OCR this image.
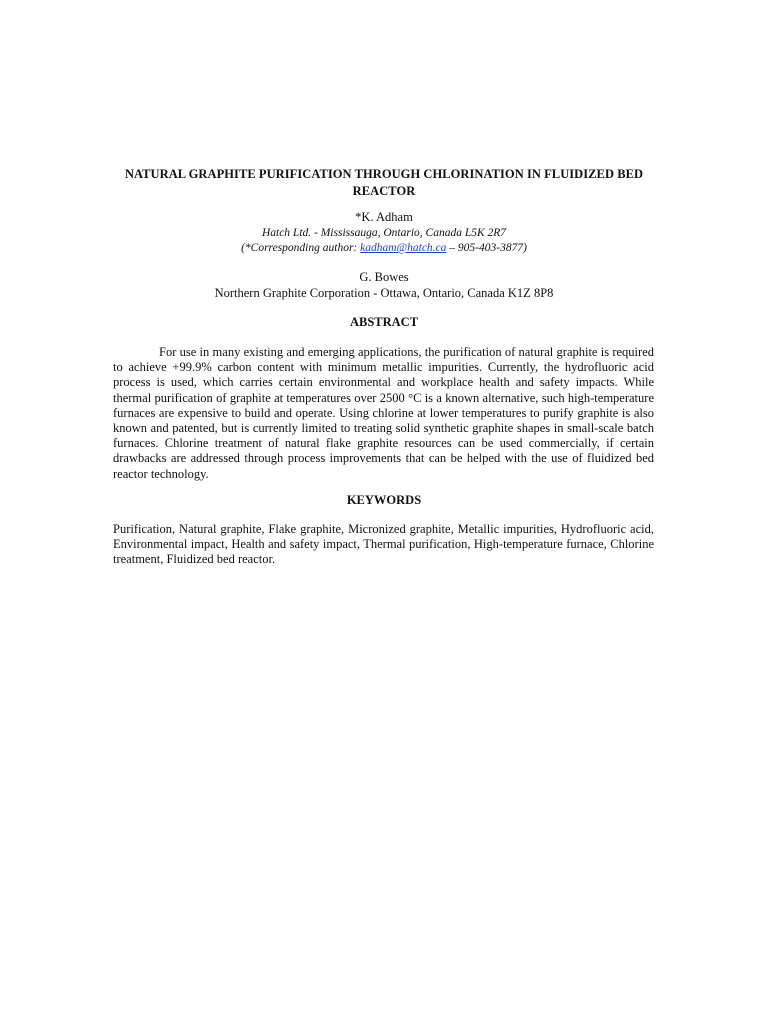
NATURAL GRAPHITE PURIFICATION THROUGH CHLORINATION IN FLUIDIZED BED REACTOR
*K. Adham
Hatch Ltd. - Mississauga, Ontario, Canada L5K 2R7
(*Corresponding author: kadham@hatch.ca – 905-403-3877)
G. Bowes
Northern Graphite Corporation - Ottawa, Ontario, Canada K1Z 8P8
ABSTRACT

For use in many existing and emerging applications, the purification of natural graphite is required to achieve +99.9% carbon content with minimum metallic impurities. Currently, the hydrofluoric acid process is used, which carries certain environmental and workplace health and safety impacts. While thermal purification of graphite at temperatures over 2500 °C is a known alternative, such high-temperature furnaces are expensive to build and operate. Using chlorine at lower temperatures to purify graphite is also known and patented, but is currently limited to treating solid synthetic graphite shapes in small-scale batch furnaces. Chlorine treatment of natural flake graphite resources can be used commercially, if certain drawbacks are addressed through process improvements that can be helped with the use of fluidized bed reactor technology.

KEYWORDS

Purification, Natural graphite, Flake graphite, Micronized graphite, Metallic impurities, Hydrofluoric acid, Environmental impact, Health and safety impact, Thermal purification, High-temperature furnace, Chlorine treatment, Fluidized bed reactor.
